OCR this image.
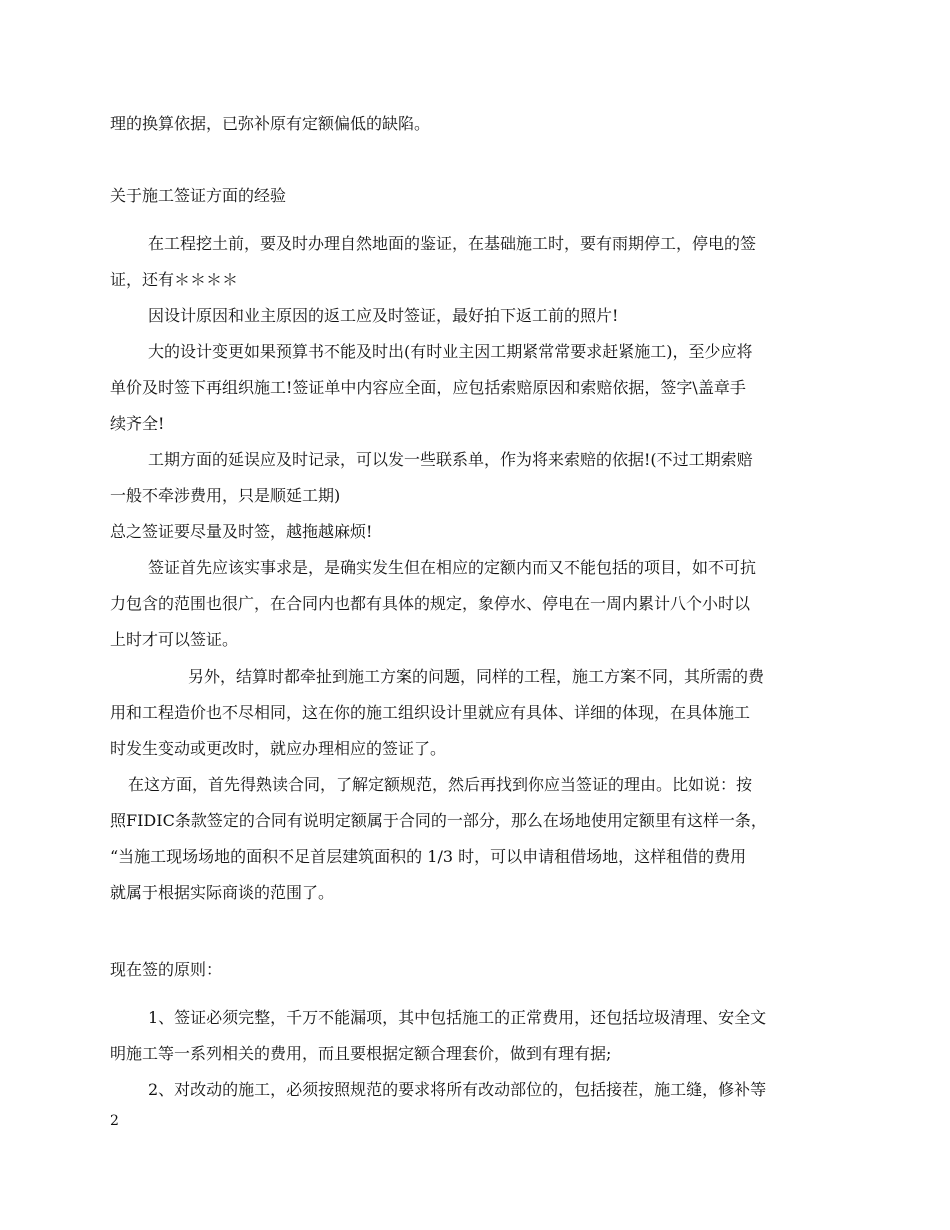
理的换算依据，已弥补原有定额偏低的缺陷。
关于施工签证方面的经验
在工程挖土前，要及时办理自然地面的鉴证，在基础施工时，要有雨期停工，停电的签
证，还有＊＊＊＊
因设计原因和业主原因的返工应及时签证，最好拍下返工前的照片!
大的设计变更如果预算书不能及时出(有时业主因工期紧常常要求赶紧施工)，至少应将
单价及时签下再组织施工!签证单中内容应全面，应包括索赔原因和索赔依据，签字\盖章手
续齐全!
工期方面的延误应及时记录，可以发一些联系单，作为将来索赔的依据!(不过工期索赔
一般不牵涉费用，只是顺延工期)
总之签证要尽量及时签，越拖越麻烦!
签证首先应该实事求是，是确实发生但在相应的定额内而又不能包括的项目，如不可抗
力包含的范围也很广，在合同内也都有具体的规定，象停水、停电在一周内累计八个小时以
上时才可以签证。
另外，结算时都牵扯到施工方案的问题，同样的工程，施工方案不同，其所需的费
用和工程造价也不尽相同，这在你的施工组织设计里就应有具体、详细的体现，在具体施工
时发生变动或更改时，就应办理相应的签证了。
在这方面，首先得熟读合同，了解定额规范，然后再找到你应当签证的理由。比如说：按
照FIDIC条款签定的合同有说明定额属于合同的一部分，那么在场地使用定额里有这样一条，
“当施工现场场地的面积不足首层建筑面积的 1/3 时，可以申请租借场地，这样租借的费用
就属于根据实际商谈的范围了。
现在签的原则：
1、签证必须完整，千万不能漏项，其中包括施工的正常费用，还包括垃圾清理、安全文
明施工等一系列相关的费用，而且要根据定额合理套价，做到有理有据;
2、对改动的施工，必须按照规范的要求将所有改动部位的，包括接茬，施工缝，修补等
2
